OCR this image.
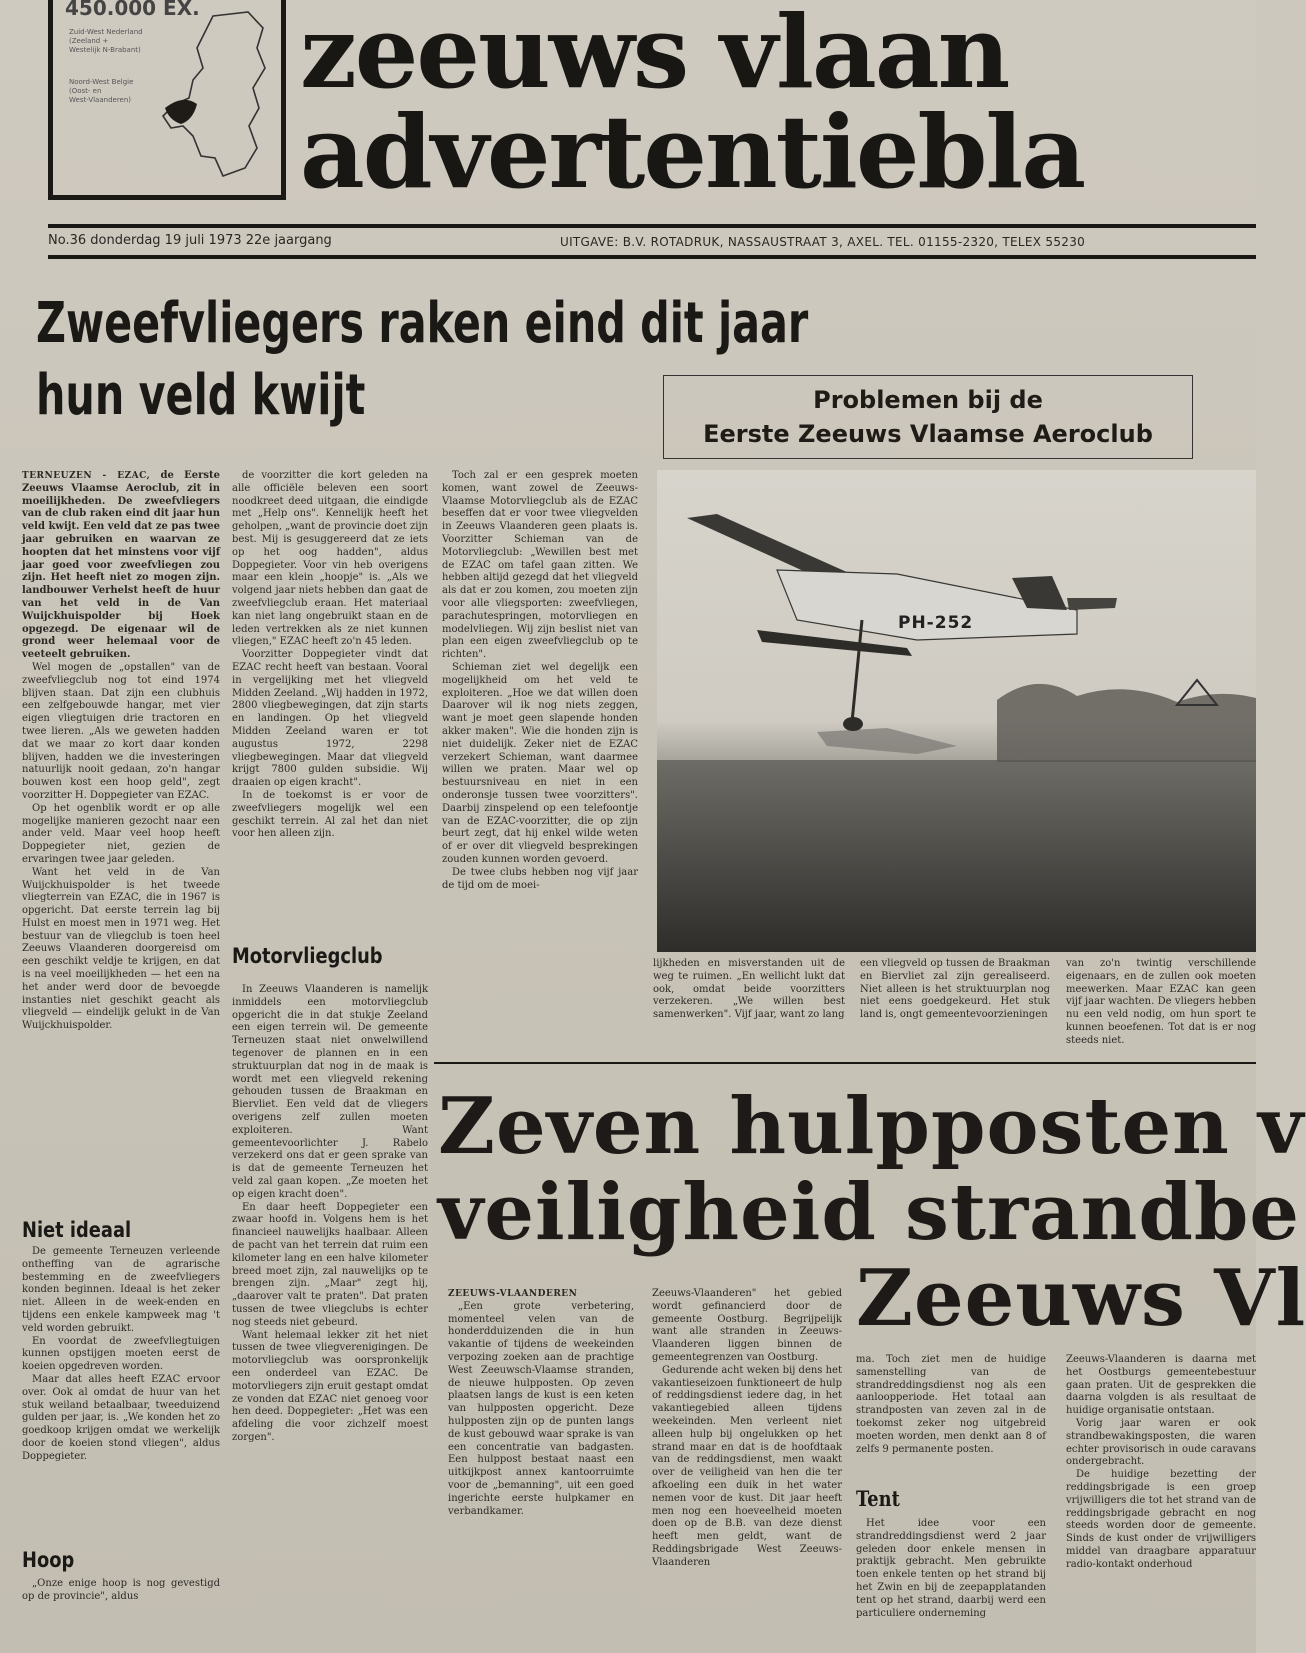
450.000 EX.
Zuid-West Nederland
(Zeeland +
Westelijk N-Brabant)
Noord-West Belgie
(Oost- en
West-Vlaanderen) zeeuws vlaan
advertentiebla
No.36 donderdag 19 juli 1973 22e jaargang	UITGAVE: B.V. ROTADRUK, NASSAUSTRAAT 3, AXEL. TEL. 01155-2320, TELEX 55230
Zweefvliegers raken eind dit jaar
hun veld kwijt	Problemen bij de
Eerste Zeeuws Vlaamse Aeroclub

TERNEUZEN - EZAC, de Eerste Zeeuws Vlaamse Aeroclub, zit in moeilijkheden. De zweefvliegers van de club raken eind dit jaar hun veld kwijt. Een veld dat ze pas twee jaar gebruiken en waarvan ze hoopten dat het minstens voor vijf jaar goed voor zweefvliegen zou zijn. Het heeft niet zo mogen zijn. landbouwer Verhelst heeft de huur van het veld in de Van Wuijckhuispolder bij Hoek opgezegd. De eigenaar wil de grond weer helemaal voor de veeteelt gebruiken.

Wel mogen de „opstallen" van de zweefvliegclub nog tot eind 1974 blijven staan. Dat zijn een clubhuis een zelfgebouwde hangar, met vier eigen vliegtuigen drie tractoren en twee lieren. „Als we geweten hadden dat we maar zo kort daar konden blijven, hadden we die investeringen natuurlijk nooit gedaan, zo'n hangar bouwen kost een hoop geld", zegt voorzitter H. Doppegieter van EZAC.

Op het ogenblik wordt er op alle mogelijke manieren gezocht naar een ander veld. Maar veel hoop heeft Doppegieter niet, gezien de ervaringen twee jaar geleden.

Want het veld in de Van Wuijckhuispolder is het tweede vliegterrein van EZAC, die in 1967 is opgericht. Dat eerste terrein lag bij Hulst en moest men in 1971 weg. Het bestuur van de vliegclub is toen heel Zeeuws Vlaanderen doorgereisd om een geschikt veldje te krijgen, en dat is na veel moeilijkheden — het een na het ander werd door de bevoegde instanties niet geschikt geacht als vliegveld — eindelijk gelukt in de Van Wuijckhuispolder.

Niet ideaal

De gemeente Terneuzen verleende ontheffing van de agrarische bestemming en de zweefvliegers konden beginnen. Ideaal is het zeker niet. Alleen in de week-enden en tijdens een enkele kampweek mag 't veld worden gebruikt.

En voordat de zweefvliegtuigen kunnen opstijgen moeten eerst de koeien opgedreven worden.

Maar dat alles heeft EZAC ervoor over. Ook al omdat de huur van het stuk weiland betaalbaar, tweeduizend gulden per jaar, is. „We konden het zo goedkoop krijgen omdat we werkelijk door de koeien stond vliegen", aldus Doppegieter.

Hoop

„Onze enige hoop is nog gevestigd op de provincie", aldus

de voorzitter die kort geleden na alle officiële beleven een soort noodkreet deed uitgaan, die eindigde met „Help ons". Kennelijk heeft het geholpen, „want de provincie doet zijn best. Mij is gesuggereerd dat ze iets op het oog hadden", aldus Doppegieter. Voor vin heb overigens maar een klein „hoopje" is. „Als we volgend jaar niets hebben dan gaat de zweefvliegclub eraan. Het materiaal kan niet lang ongebruikt staan en de leden vertrekken als ze niet kunnen vliegen," EZAC heeft zo'n 45 leden.

Voorzitter Doppegieter vindt dat EZAC recht heeft van bestaan. Vooral in vergelijking met het vliegveld Midden Zeeland. „Wij hadden in 1972, 2800 vliegbewegingen, dat zijn starts en landingen. Op het vliegveld Midden Zeeland waren er tot augustus 1972, 2298 vliegbewegingen. Maar dat vliegveld krijgt 7800 gulden subsidie. Wij draaien op eigen kracht".

In de toekomst is er voor de zweefvliegers mogelijk wel een geschikt terrein. Al zal het dan niet voor hen alleen zijn.

Motorvliegclub

In Zeeuws Vlaanderen is namelijk inmiddels een motorvliegclub opgericht die in dat stukje Zeeland een eigen terrein wil. De gemeente Terneuzen staat niet onwelwillend tegenover de plannen en in een struktuurplan dat nog in de maak is wordt met een vliegveld rekening gehouden tussen de Braakman en Biervliet. Een veld dat de vliegers overigens zelf zullen moeten exploiteren. Want gemeentevoorlichter J. Rabelo verzekerd ons dat er geen sprake van is dat de gemeente Terneuzen het veld zal gaan kopen. „Ze moeten het op eigen kracht doen".

En daar heeft Doppegieter een zwaar hoofd in. Volgens hem is het financieel nauwelijks haalbaar. Alleen de pacht van het terrein dat ruim een kilometer lang en een halve kilometer breed moet zijn, zal nauwelijks op te brengen zijn. „Maar" zegt hij, „daarover valt te praten". Dat praten tussen de twee vliegclubs is echter nog steeds niet gebeurd.

Want helemaal lekker zit het niet tussen de twee vliegverenigingen. De motorvliegclub was oorspronkelijk een onderdeel van EZAC. De motorvliegers zijn eruit gestapt omdat ze vonden dat EZAC niet genoeg voor hen deed. Doppegieter: „Het was een afdeling die voor zichzelf moest zorgen".

Toch zal er een gesprek moeten komen, want zowel de Zeeuws-Vlaamse Motorvliegclub als de EZAC beseffen dat er voor twee vliegvelden in Zeeuws Vlaanderen geen plaats is. Voorzitter Schieman van de Motorvliegclub: „Wewillen best met de EZAC om tafel gaan zitten. We hebben altijd gezegd dat het vliegveld als dat er zou komen, zou moeten zijn voor alle vliegsporten: zweefvliegen, parachutespringen, motorvliegen en modelvliegen. Wij zijn beslist niet van plan een eigen zweefvliegclub op te richten".

Schieman ziet wel degelijk een mogelijkheid om het veld te exploiteren. „Hoe we dat willen doen Daarover wil ik nog niets zeggen, want je moet geen slapende honden akker maken". Wie die honden zijn is niet duidelijk. Zeker niet de EZAC verzekert Schieman, want daarmee willen we praten. Maar wel op bestuursniveau en niet in een onderonsje tussen twee voorzitters". Daarbij zinspelend op een telefoontje van de EZAC-voorzitter, die op zijn beurt zegt, dat hij enkel wilde weten of er over dit vliegveld besprekingen zouden kunnen worden gevoerd.

De twee clubs hebben nog vijf jaar de tijd om de moei-

PH-252

lijkheden en misverstanden uit de weg te ruimen. „En wellicht lukt dat ook, omdat beide voorzitters verzekeren. „We willen best samenwerken". Vijf jaar, want zo lang

een vliegveld op tussen de Braakman en Biervliet zal zijn gerealiseerd. Niet alleen is het struktuurplan nog niet eens goedgekeurd. Het stuk land is, ongt gemeentevoorzieningen

van zo'n twintig verschillende eigenaars, en de zullen ook moeten meewerken. Maar EZAC kan geen vijf jaar wachten. De vliegers hebben nu een veld nodig, om hun sport te kunnen beoefenen. Tot dat is er nog steeds niet.

Zeven hulpposten v
veiligheid strandbe
Zeeuws Vl

ZEEUWS-VLAANDEREN

„Een grote verbetering, momenteel velen van de honderdduizenden die in hun vakantie of tijdens de weekeinden verpozing zoeken aan de prachtige West Zeeuwsch-Vlaamse stranden, de nieuwe hulpposten. Op zeven plaatsen langs de kust is een keten van hulpposten opgericht. Deze hulpposten zijn op de punten langs de kust gebouwd waar sprake is van een concentratie van badgasten. Een hulppost bestaat naast een uitkijkpost annex kantoorruimte voor de „bemanning", uit een goed ingerichte eerste hulpkamer en verbandkamer.

Zeeuws-Vlaanderen" het gebied wordt gefinancierd door de gemeente Oostburg. Begrijpelijk want alle stranden in Zeeuws-Vlaanderen liggen binnen de gemeentegrenzen van Oostburg.

Gedurende acht weken bij dens het vakantieseizoen funktioneert de hulp of reddingsdienst iedere dag, in het vakantiegebied alleen tijdens weekeinden. Men verleent niet alleen hulp bij ongelukken op het strand maar en dat is de hoofdtaak van de reddingsdienst, men waakt over de veiligheid van hen die ter afkoeling een duik in het water nemen voor de kust. Dit jaar heeft men nog een hoeveelheid moeten doen op de B.B. van deze dienst heeft men geldt, want de Reddingsbrigade West Zeeuws-Vlaanderen

ma. Toch ziet men de huidige samenstelling van de strandreddingsdienst nog als een aanloopperiode. Het totaal aan strandposten van zeven zal in de toekomst zeker nog uitgebreid moeten worden, men denkt aan 8 of zelfs 9 permanente posten.

Tent

Het idee voor een strandreddingsdienst werd 2 jaar geleden door enkele mensen in praktijk gebracht. Men gebruikte toen enkele tenten op het strand bij het Zwin en bij de zeepapplatanden tent op het strand, daarbij werd een particuliere onderneming

Zeeuws-Vlaanderen is daarna met het Oostburgs gemeentebestuur gaan praten. Uit de gesprekken die daarna volgden is als resultaat de huidige organisatie ontstaan.

Vorig jaar waren er ook strandbewakingsposten, die waren echter provisorisch in oude caravans ondergebracht.

De huidige bezetting der reddingsbrigade is een groep vrijwilligers die tot het strand van de reddingsbrigade gebracht en nog steeds worden door de gemeente. Sinds de kust onder de vrijwilligers middel van draagbare apparatuur radio-kontakt onderhoud
